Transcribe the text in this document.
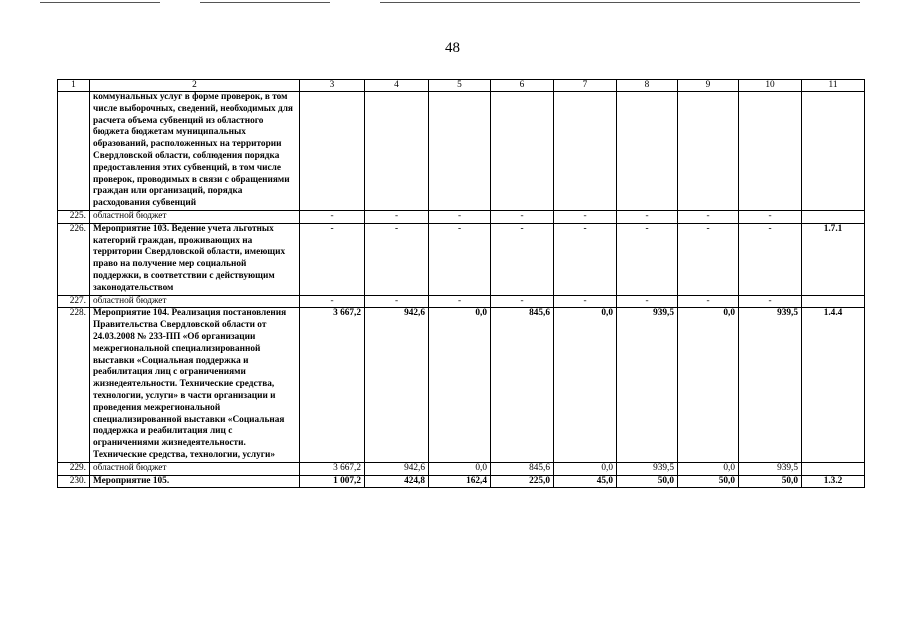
48
1	2	3	4	5	6	7	8	9	10	11
	коммунальных услуг в форме проверок, в том числе выборочных, сведений, необходимых для расчета объема субвенций из областного бюджета бюджетам муниципальных образований, расположенных на территории Свердловской области, соблюдения порядка предоставления этих субвенций, в том числе проверок, проводимых в связи с обращениями граждан или организаций, порядка расходования субвенций									
225.	областной бюджет	-	-	-	-	-	-	-	-	
226.	Мероприятие 103. Ведение учета льготных категорий граждан, проживающих на территории Свердловской области, имеющих право на получение мер социальной поддержки, в соответствии с действующим законодательством	-	-	-	-	-	-	-	-	1.7.1
227.	областной бюджет	-	-	-	-	-	-	-	-	
228.	Мероприятие 104. Реализация постановления Правительства Свердловской области от 24.03.2008 № 233-ПП «Об организации межрегиональной специализированной выставки «Социальная поддержка и реабилитация лиц с ограничениями жизнедеятельности. Технические средства, технологии, услуги» в части организации и проведения межрегиональной специализированной выставки «Социальная поддержка и реабилитация лиц с ограничениями жизнедеятельности. Технические средства, технологии, услуги»	3 667,2	942,6	0,0	845,6	0,0	939,5	0,0	939,5	1.4.4
229.	областной бюджет	3 667,2	942,6	0,0	845,6	0,0	939,5	0,0	939,5	
230.	Мероприятие 105.	1 007,2	424,8	162,4	225,0	45,0	50,0	50,0	50,0	1.3.2
